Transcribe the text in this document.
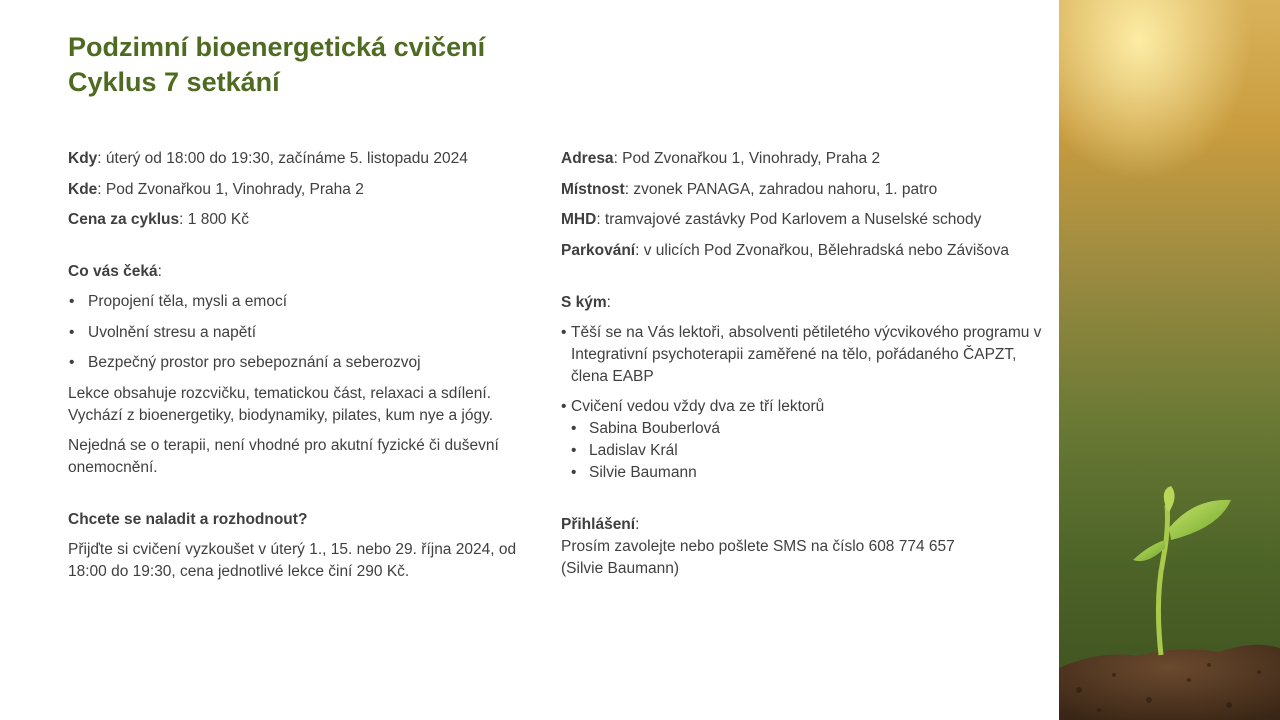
Podzimní bioenergetická cvičení
Cyklus 7 setkání

Kdy: úterý od 18:00 do 19:30, začínáme 5. listopadu 2024

Kde: Pod Zvonařkou 1, Vinohrady, Praha 2

Cena za cyklus: 1 800 Kč

Co vás čeká:

• Propojení těla, mysli a emocí
• Uvolnění stresu a napětí
• Bezpečný prostor pro sebepoznání a seberozvoj

Lekce obsahuje rozcvičku, tematickou část, relaxaci a sdílení. Vychází z bioenergetiky, biodynamiky, pilates, kum nye a jógy.

Nejedná se o terapii, není vhodné pro akutní fyzické či duševní onemocnění.

Chcete se naladit a rozhodnout?

Přijďte si cvičení vyzkoušet v úterý 1., 15. nebo 29. října 2024, od 18:00 do 19:30, cena jednotlivé lekce činí 290 Kč.

Adresa: Pod Zvonařkou 1, Vinohrady, Praha 2

Místnost: zvonek PANAGA, zahradou nahoru, 1. patro

MHD: tramvajové zastávky Pod Karlovem a Nuselské schody

Parkování: v ulicích Pod Zvonařkou, Bělehradská nebo Závišova

S kým:

• Těší se na Vás lektoři, absolventi pětiletého výcvikového programu v Integrativní psychoterapii zaměřené na tělo, pořádaného ČAPZT, člena EABP

• Cvičení vedou vždy dva ze tří lektorů

• Sabina Bouberlová
• Ladislav Král
• Silvie Baumann

Přihlášení:

Prosím zavolejte nebo pošlete SMS na číslo 608 774 657

(Silvie Baumann)
